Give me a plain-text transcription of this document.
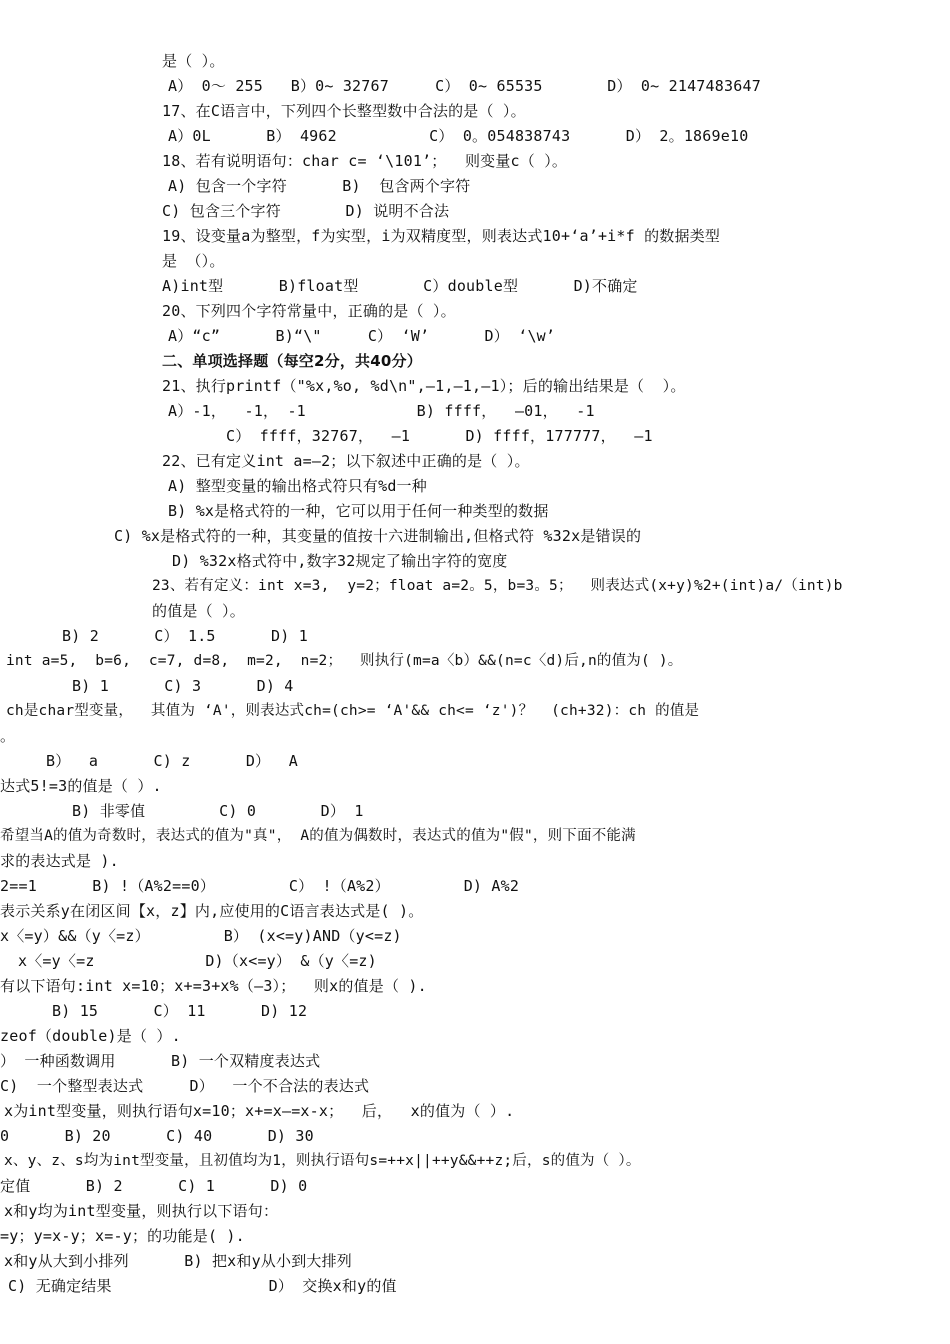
是（ ）。
A） 0～ 255   B）0~ 32767     C） 0~ 65535       D） 0~ 2147483647
17、在C语言中，下列四个长整型数中合法的是（ ）。
A）0L      B） 4962          C） 0。054838743      D） 2。1869e10
18、若有说明语句：char c= ‘\101’；  则变量c（ ）。
A) 包含一个字符      B)  包含两个字符
C) 包含三个字符       D) 说明不合法
19、设变量a为整型，f为实型，i为双精度型，则表达式10+‘a’+i*f 的数据类型
是 （）。
A)int型      B)float型       C）double型      D)不确定
20、下列四个字符常量中，正确的是（ ）。
A）“c”      B)“\"     C） ‘W’      D） ‘\w’
二、单项选择题（每空2分，共40分）
21、执行printf（"%x,%o, %d\n",—1,—1,—1）；后的输出结果是（  ）。
A）-1，  -1， -1            B) ffff，  —01，  -1
C） ffff，32767，  —1      D) ffff，177777，  —1
22、已有定义int a=—2；以下叙述中正确的是（ ）。
A) 整型变量的输出格式符只有%d一种
B) %x是格式符的一种，它可以用于任何一种类型的数据
C) %x是格式符的一种，其变量的值按十六进制输出,但格式符 %32x是错误的
D) %32x格式符中,数字32规定了输出字符的宽度
23、若有定义：int x=3,  y=2；float a=2。5，b=3。5；  则表达式(x+y)%2+(int)a/（int)b
的值是（ ）。
B) 2      C） 1.5      D) 1
int a=5,  b=6,  c=7, d=8,  m=2,  n=2；  则执行(m=a〈b）&&(n=c〈d)后,n的值为( )。
B) 1      C) 3      D) 4
ch是char型变量，  其值为 ‘A'，则表达式ch=(ch>= ‘A'&& ch<= ‘z')？  (ch+32)：ch 的值是
。
B）  a      C) z      D）  A
达式5!=3的值是（ ）.
B) 非零值        C) 0       D） 1
希望当A的值为奇数时，表达式的值为"真"， A的值为偶数时，表达式的值为"假"，则下面不能满
求的表达式是 ).
2==1      B) !（A%2==0）        C） !（A%2）        D) A%2
表示关系y在闭区间【x，z】内,应使用的C语言表达式是( )。
x〈=y）&&（y〈=z）        B） (x<=y)AND（y<=z)
x〈=y〈=z            D)（x<=y） &（y〈=z)
有以下语句:int x=10；x+=3+x%（—3）；  则x的值是（ ).
B) 15      C） 11      D) 12
zeof（double)是（ ）.
） 一种函数调用      B) 一个双精度表达式
C)  一个整型表达式     D）  一个不合法的表达式
x为int型变量，则执行语句x=10；x+=x—=x-x；  后，  x的值为（ ）.
0      B) 20      C) 40      D) 30
x、y、z、s均为int型变量，且初值均为1，则执行语句s=++x||++y&&++z;后，s的值为（ ）。
定值      B) 2      C) 1      D) 0
x和y均为int型变量，则执行以下语句：
=y；y=x-y；x=-y；的功能是( ).
x和y从大到小排列      B) 把x和y从小到大排列
C) 无确定结果                 D） 交换x和y的值
